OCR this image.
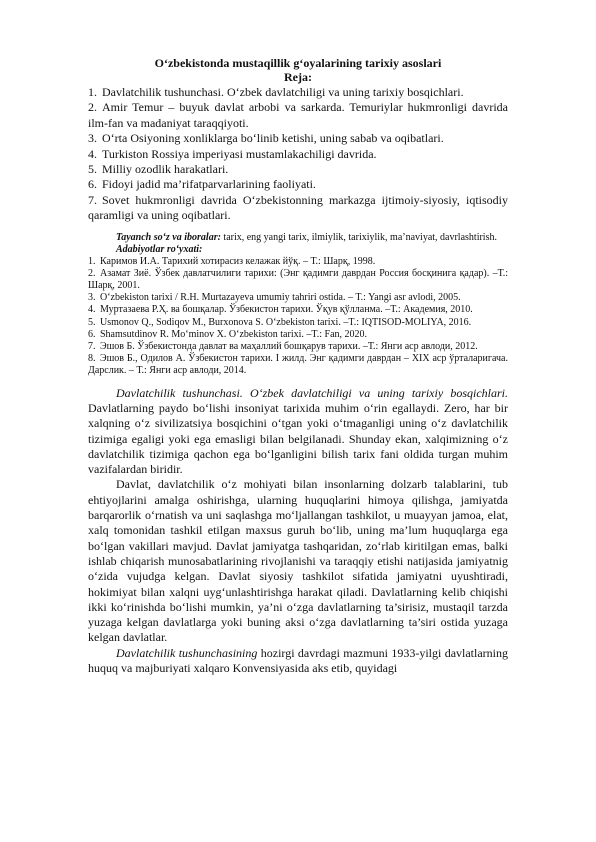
O‘zbekistonda mustaqillik g‘oyalarining tarixiy asoslari
Reja:
1. Davlatchilik tushunchasi. O‘zbek davlatchiligi va uning tarixiy bosqichlari.
2. Amir Temur – buyuk davlat arbobi va sarkarda. Temuriylar hukmronligi davrida ilm-fan va madaniyat taraqqiyoti.
3. O‘rta Osiyoning xonliklarga bo‘linib ketishi, uning sabab va oqibatlari.
4. Turkiston Rossiya imperiyasi mustamlakachiligi davrida.
5. Milliy ozodlik harakatlari.
6. Fidoyi jadid ma’rifatparvarlarining faoliyati.
7. Sovet hukmronligi davrida O‘zbekistonning markazga ijtimoiy-siyosiy, iqtisodiy qaramligi va uning oqibatlari.

Tayanch so‘z va iboralar: tarix, eng yangi tarix, ilmiylik, tarixiylik, ma’naviyat, davrlashtirish.

Adabiyotlar ro‘yxati:
1. Каримов И.А. Тарихий хотирасиз келажак йўқ. – Т.: Шарқ, 1998.
2. Азамат Зиё. Ўзбек давлатчилиги тарихи: (Энг қадимги даврдан Россия босқинига қадар). –Т.: Шарқ, 2001.
3. O‘zbekiston tarixi / R.H. Murtazayeva umumiy tahriri ostida. – T.: Yangi asr avlodi, 2005.
4. Муртазаева Р.Ҳ. ва бошқалар. Ўзбекистон тарихи. Ўқув қўлланма. –Т.: Академия, 2010.
5. Usmonov Q., Sodiqov M., Burxonova S. O‘zbekiston tarixi. –T.: IQTISOD-MOLIYA, 2016.
6. Shamsutdinov R. Mo‘minov X. O‘zbekiston tarixi. –T.: Fan, 2020.
7. Эшов Б. Ўзбекистонда давлат ва маҳаллий бошқарув тарихи. –Т.: Янги аср авлоди, 2012.
8. Эшов Б., Одилов А. Ўзбекистон тарихи. I жилд. Энг қадимги даврдан – XIX аср ўрталаригача. Дарслик. – Т.: Янги аср авлоди, 2014.

Davlatchilik tushunchasi. O‘zbek davlatchiligi va uning tarixiy bosqichlari. Davlatlarning paydo bo‘lishi insoniyat tarixida muhim o‘rin egallaydi. Zero, har bir xalqning o‘z sivilizatsiya bosqichini o‘tgan yoki o‘tmaganligi uning o‘z davlatchilik tizimiga egaligi yoki ega emasligi bilan belgilanadi. Shunday ekan, xalqimizning o‘z davlatchilik tizimiga qachon ega bo‘lganligini bilish tarix fani oldida turgan muhim vazifalardan biridir.

Davlat, davlatchilik o‘z mohiyati bilan insonlarning dolzarb talablarini, tub ehtiyojlarini amalga oshirishga, ularning huquqlarini himoya qilishga, jamiyatda barqarorlik o‘rnatish va uni saqlashga mo‘ljallangan tashkilot, u muayyan jamoa, elat, xalq tomonidan tashkil etilgan maxsus guruh bo‘lib, uning ma’lum huquqlarga ega bo‘lgan vakillari mavjud. Davlat jamiyatga tashqaridan, zo‘rlab kiritilgan emas, balki ishlab chiqarish munosabatlarining rivojlanishi va taraqqiy etishi natijasida jamiyatnig o‘zida vujudga kelgan. Davlat siyosiy tashkilot sifatida jamiyatni uyushtiradi, hokimiyat bilan xalqni uyg‘unlashtirishga harakat qiladi. Davlatlarning kelib chiqishi ikki ko‘rinishda bo‘lishi mumkin, ya’ni o‘zga davlatlarning ta’sirisiz, mustaqil tarzda yuzaga kelgan davlatlarga yoki buning aksi o‘zga davlatlarning ta’siri ostida yuzaga kelgan davlatlar.

Davlatchilik tushunchasining hozirgi davrdagi mazmuni 1933-yilgi davlatlarning huquq va majburiyati xalqaro Konvensiyasida aks etib, quyidagi
